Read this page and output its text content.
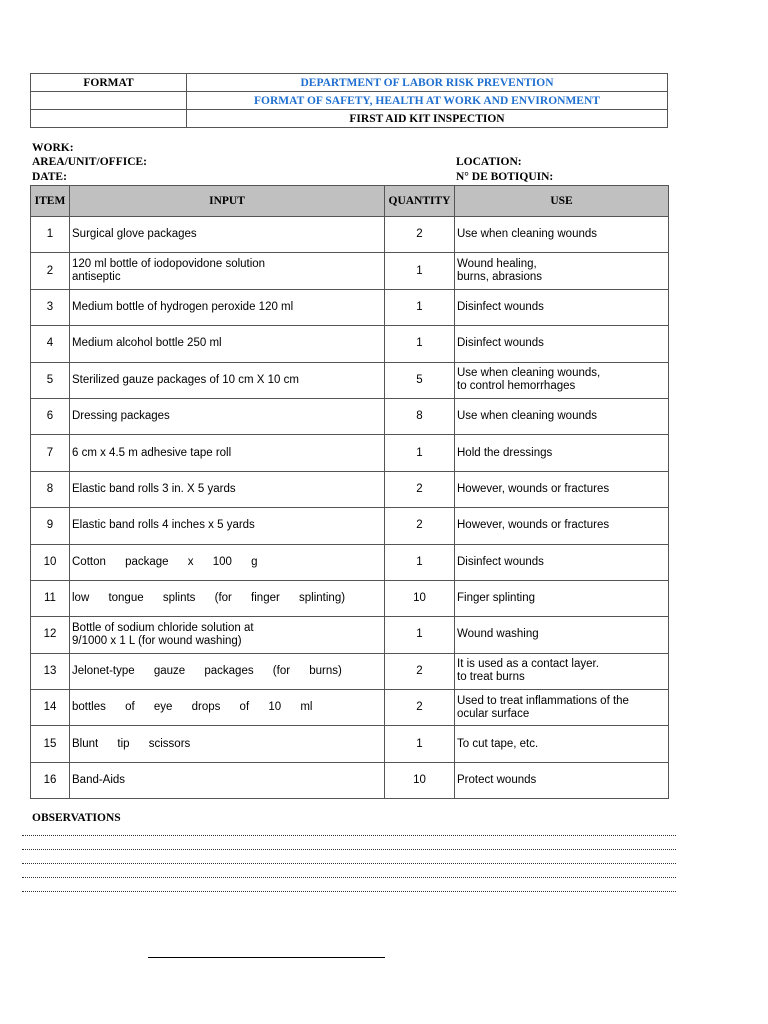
FORMAT	DEPARTMENT OF LABOR RISK PREVENTION
	FORMAT OF SAFETY, HEALTH AT WORK AND ENVIRONMENT
	FIRST AID KIT INSPECTION
WORK:
AREA/UNIT/OFFICE:
DATE:
LOCATION:
N° DE BOTIQUIN:
ITEM	INPUT	QUANTITY	USE
1	Surgical glove packages	2	Use when cleaning wounds
2	120 ml bottle of iodopovidone solution
antiseptic	1	Wound healing,
burns, abrasions
3	Medium bottle of hydrogen peroxide 120 ml	1	Disinfect wounds
4	Medium alcohol bottle 250 ml	1	Disinfect wounds
5	Sterilized gauze packages of 10 cm X 10 cm	5	Use when cleaning wounds,
to control hemorrhages
6	Dressing packages	8	Use when cleaning wounds
7	6 cm x 4.5 m adhesive tape roll	1	Hold the dressings
8	Elastic band rolls 3 in. X 5 yards	2	However, wounds or fractures
9	Elastic band rolls 4 inches x 5 yards	2	However, wounds or fractures
10	Cotton package x 100 g	1	Disinfect wounds
11	low tongue splints (for finger splinting)	10	Finger splinting
12	Bottle of sodium chloride solution at
9/1000 x 1 L (for wound washing)	1	Wound washing
13	Jelonet-type gauze packages (for burns)	2	It is used as a contact layer.
to treat burns
14	bottles of eye drops of 10 ml	2	Used to treat inflammations of the
ocular surface
15	Blunt tip scissors	1	To cut tape, etc.
16	Band-Aids	10	Protect wounds
OBSERVATIONS
